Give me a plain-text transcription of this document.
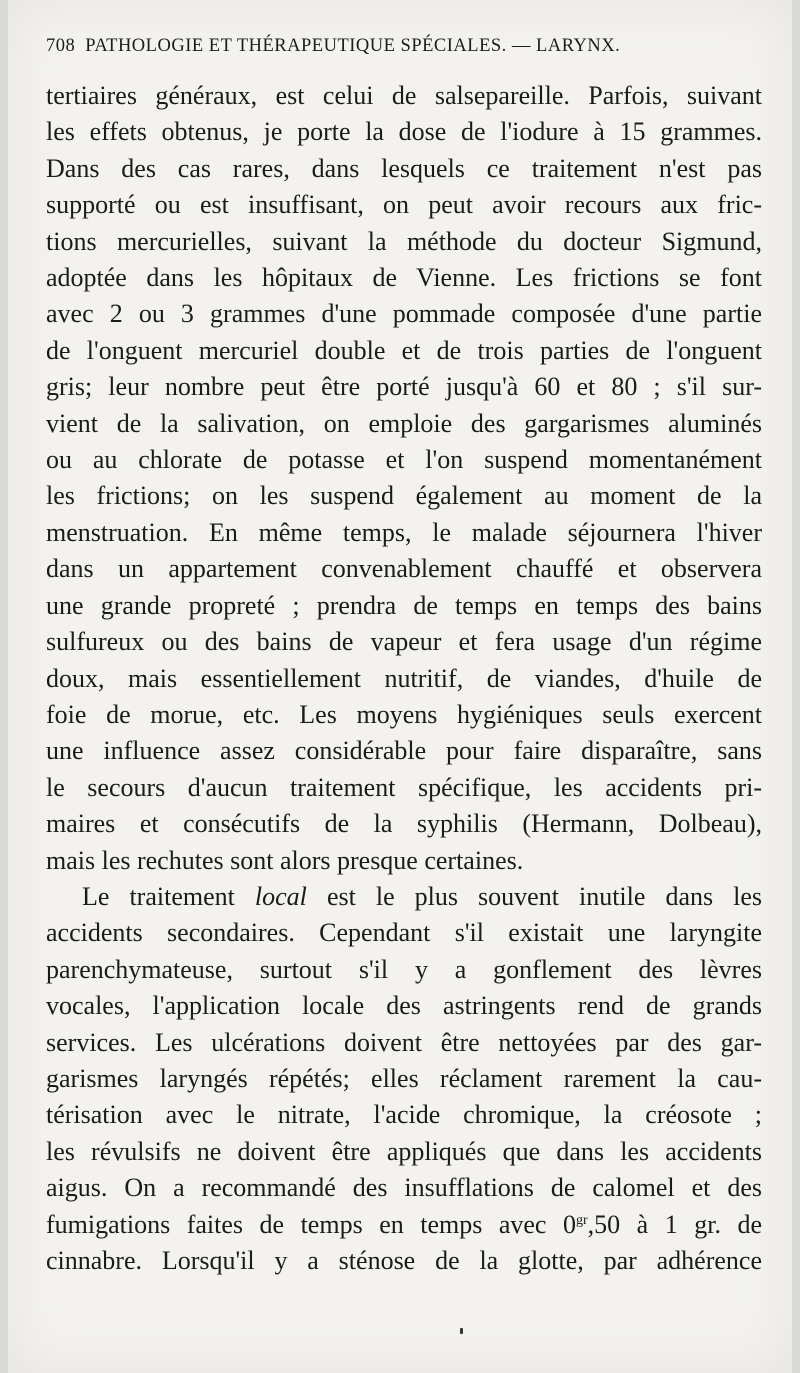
708 PATHOLOGIE ET THÉRAPEUTIQUE SPÉCIALES. — LARYNX.
tertiaires généraux, est celui de salsepareille. Parfois, suivant
les effets obtenus, je porte la dose de l'iodure à 15 grammes.
Dans des cas rares, dans lesquels ce traitement n'est pas
supporté ou est insuffisant, on peut avoir recours aux fric-
tions mercurielles, suivant la méthode du docteur Sigmund,
adoptée dans les hôpitaux de Vienne. Les frictions se font
avec 2 ou 3 grammes d'une pommade composée d'une partie
de l'onguent mercuriel double et de trois parties de l'onguent
gris; leur nombre peut être porté jusqu'à 60 et 80 ; s'il sur-
vient de la salivation, on emploie des gargarismes aluminés
ou au chlorate de potasse et l'on suspend momentanément
les frictions; on les suspend également au moment de la
menstruation. En même temps, le malade séjournera l'hiver
dans un appartement convenablement chauffé et observera
une grande propreté ; prendra de temps en temps des bains
sulfureux ou des bains de vapeur et fera usage d'un régime
doux, mais essentiellement nutritif, de viandes, d'huile de
foie de morue, etc. Les moyens hygiéniques seuls exercent
une influence assez considérable pour faire disparaître, sans
le secours d'aucun traitement spécifique, les accidents pri-
maires et consécutifs de la syphilis (Hermann, Dolbeau),
mais les rechutes sont alors presque certaines.
Le traitement local est le plus souvent inutile dans les
accidents secondaires. Cependant s'il existait une laryngite
parenchymateuse, surtout s'il y a gonflement des lèvres
vocales, l'application locale des astringents rend de grands
services. Les ulcérations doivent être nettoyées par des gar-
garismes laryngés répétés; elles réclament rarement la cau-
térisation avec le nitrate, l'acide chromique, la créosote ;
les révulsifs ne doivent être appliqués que dans les accidents
aigus. On a recommandé des insufflations de calomel et des
fumigations faites de temps en temps avec $0^{gr},50$ à 1 gr. de
cinnabre. Lorsqu'il y a sténose de la glotte, par adhérence
